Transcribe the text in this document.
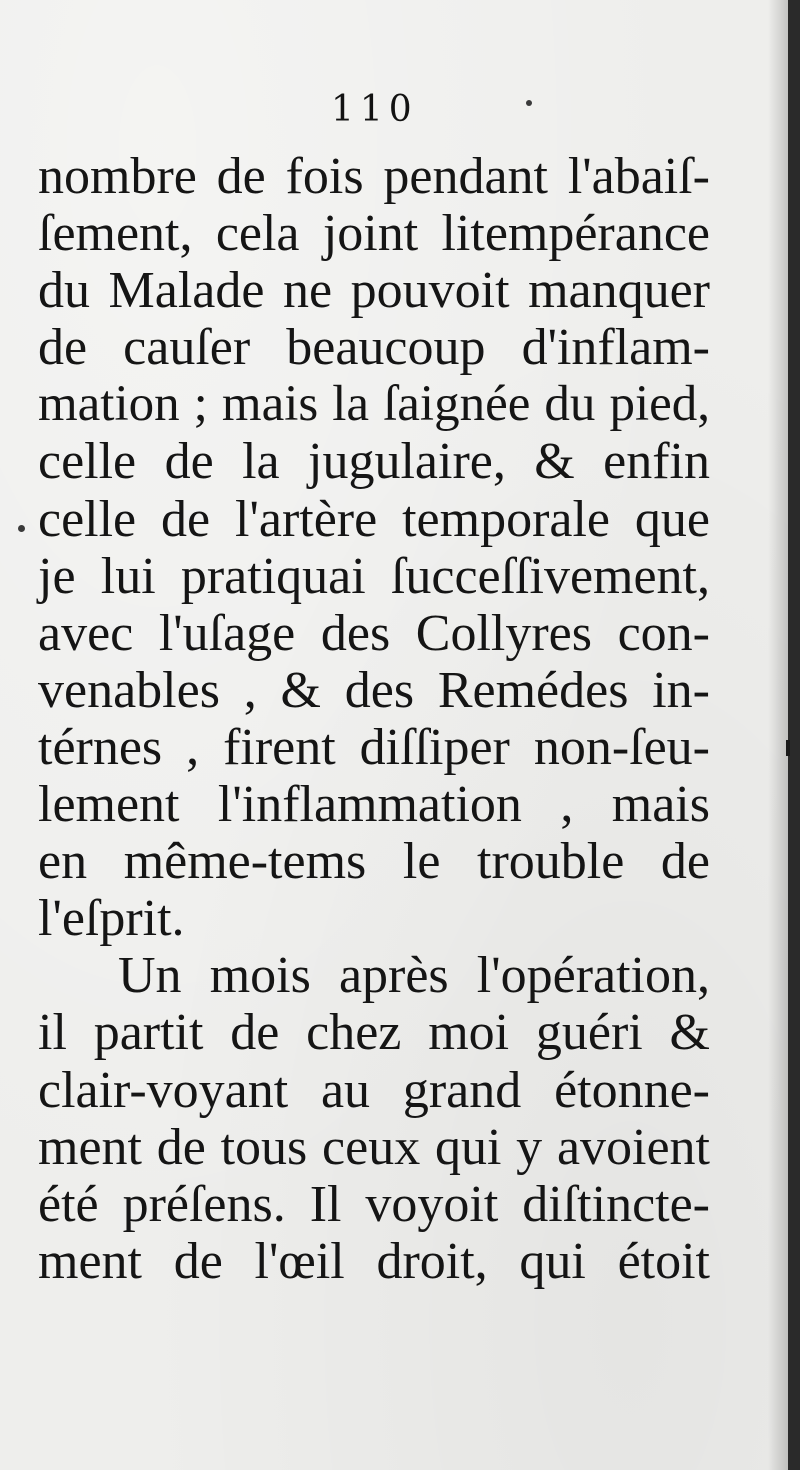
110
nombre de fois pendant l'abaiſ-
ſement, cela joint litempérance
du Malade ne pouvoit manquer
de cauſer beaucoup d'inflam-
mation ; mais la ſaignée du pied,
celle de la jugulaire, & enfin
celle de l'artère temporale que
je lui pratiquai ſucceſſivement,
avec l'uſage des Collyres con-
venables , & des Remédes in-
térnes , firent diſſiper non-ſeu-
lement l'inflammation , mais
en même-tems le trouble de
l'eſprit.
Un mois après l'opération,
il partit de chez moi guéri &
clair-voyant au grand étonne-
ment de tous ceux qui y avoient
été préſens. Il voyoit diſtincte-
ment de l'œil droit, qui étoit
